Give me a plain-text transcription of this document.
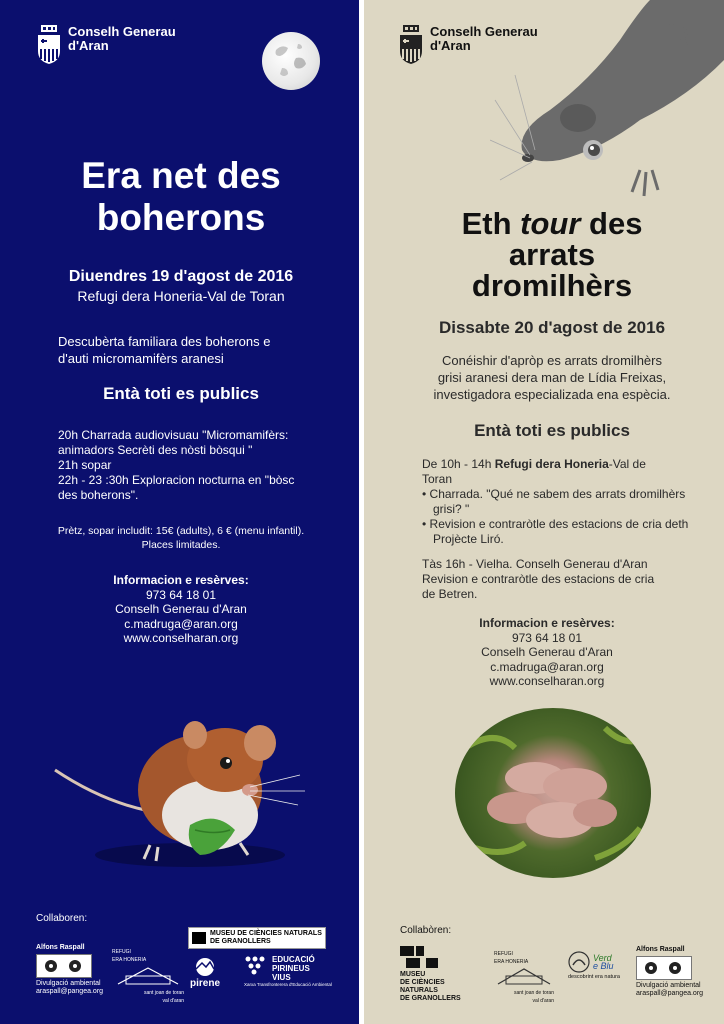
Conselh Generau
d'Aran
Era net des
boherons
Diuendres 19 d'agost de 2016
Refugi dera Honeria-Val de Toran
Descubèrta familiara des boherons e
d'auti micromamifèrs aranesi
Entà toti es publics
20h Charrada audiovisuau "Micromamifèrs:
animadors Secrèti des nòsti bòsqui "
21h sopar
22h - 23 :30h Exploracion nocturna en "bòsc
des boherons".
Prètz, sopar includit: 15€ (adults), 6 € (menu infantil).
Places limitades.
Informacion e resèrves:
973 64 18 01
Conselh Generau d'Aran
c.madruga@aran.org
www.conselharan.org
Collaboren:
MUSEU DE CIÈNCIES NATURALS
DE GRANOLLERS
Alfons Raspall
Divulgació ambiental
araspall@pangea.org
REFUGI
ERA HONERIA
sant joan de toran
val d'aran
pirene
EDUCACIÓ
PIRINEUS
VIUS
Xarxa Transfronterera d'Educació Ambiental
Conselh Generau
d'Aran
Eth tour des
arrats
dromilhèrs
Dissabte 20 d'agost de 2016
Conéishir d'apròp es arrats dromilhèrs
grisi aranesi dera man de Lídia Freixas,
investigadora especializada ena espècia.
Entà toti es publics
De 10h - 14h Refugi dera Honeria-Val de
Toran
• Charrada. "Qué ne sabem des arrats dromilhèrs grisi? "
• Revision e contraròtle des estacions de cria deth Projècte Liró.
Tàs 16h - Vielha. Conselh Generau d'Aran
Revision e contraròtle des estacions de cria
de Betren.
Informacion e resèrves:
973 64 18 01
Conselh Generau d'Aran
c.madruga@aran.org
www.conselharan.org
Collabòren:
MUSEU
DE CIÈNCIES NATURALS
DE GRANOLLERS
REFUGI
ERA HONERIA
sant joan de toran
val d'aran
Verd
e Blu
descobrint era natura
Alfons Raspall
Divulgació ambiental
araspall@pangea.org
